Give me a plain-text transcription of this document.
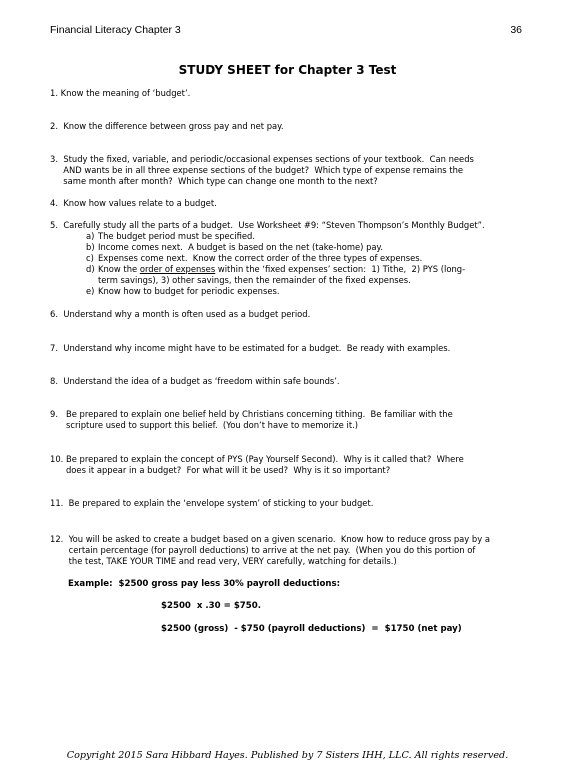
Financial Literacy Chapter 3	36
STUDY SHEET for Chapter 3 Test
1. Know the meaning of ‘budget’.
2.  Know the difference between gross pay and net pay.
3.  Study the fixed, variable, and periodic/occasional expenses sections of your textbook.  Can needs
AND wants be in all three expense sections of the budget?  Which type of expense remains the
same month after month?  Which type can change one month to the next?
4.  Know how values relate to a budget.
5.  Carefully study all the parts of a budget.  Use Worksheet #9: “Steven Thompson’s Monthly Budget”.
a) The budget period must be specified.
b) Income comes next.  A budget is based on the net (take-home) pay.
c) Expenses come next.  Know the correct order of the three types of expenses.
d) Know the order of expenses within the ‘fixed expenses’ section:  1) Tithe,  2) PYS (long-
term savings), 3) other savings, then the remainder of the fixed expenses.
e) Know how to budget for periodic expenses.
6.  Understand why a month is often used as a budget period.
7.  Understand why income might have to be estimated for a budget.  Be ready with examples.
8.  Understand the idea of a budget as ‘freedom within safe bounds’.
9.   Be prepared to explain one belief held by Christians concerning tithing.  Be familiar with the
scripture used to support this belief.  (You don’t have to memorize it.)
10. Be prepared to explain the concept of PYS (Pay Yourself Second).  Why is it called that?  Where
does it appear in a budget?  For what will it be used?  Why is it so important?
11.  Be prepared to explain the ‘envelope system’ of sticking to your budget.
12.  You will be asked to create a budget based on a given scenario.  Know how to reduce gross pay by a
certain percentage (for payroll deductions) to arrive at the net pay.  (When you do this portion of
the test, TAKE YOUR TIME and read very, VERY carefully, watching for details.)
Example:  $2500 gross pay less 30% payroll deductions:
$2500  x .30 = $750.
$2500 (gross)  - $750 (payroll deductions)  =  $1750 (net pay)
Copyright 2015 Sara Hibbard Hayes. Published by 7 Sisters IHH, LLC. All rights reserved.
